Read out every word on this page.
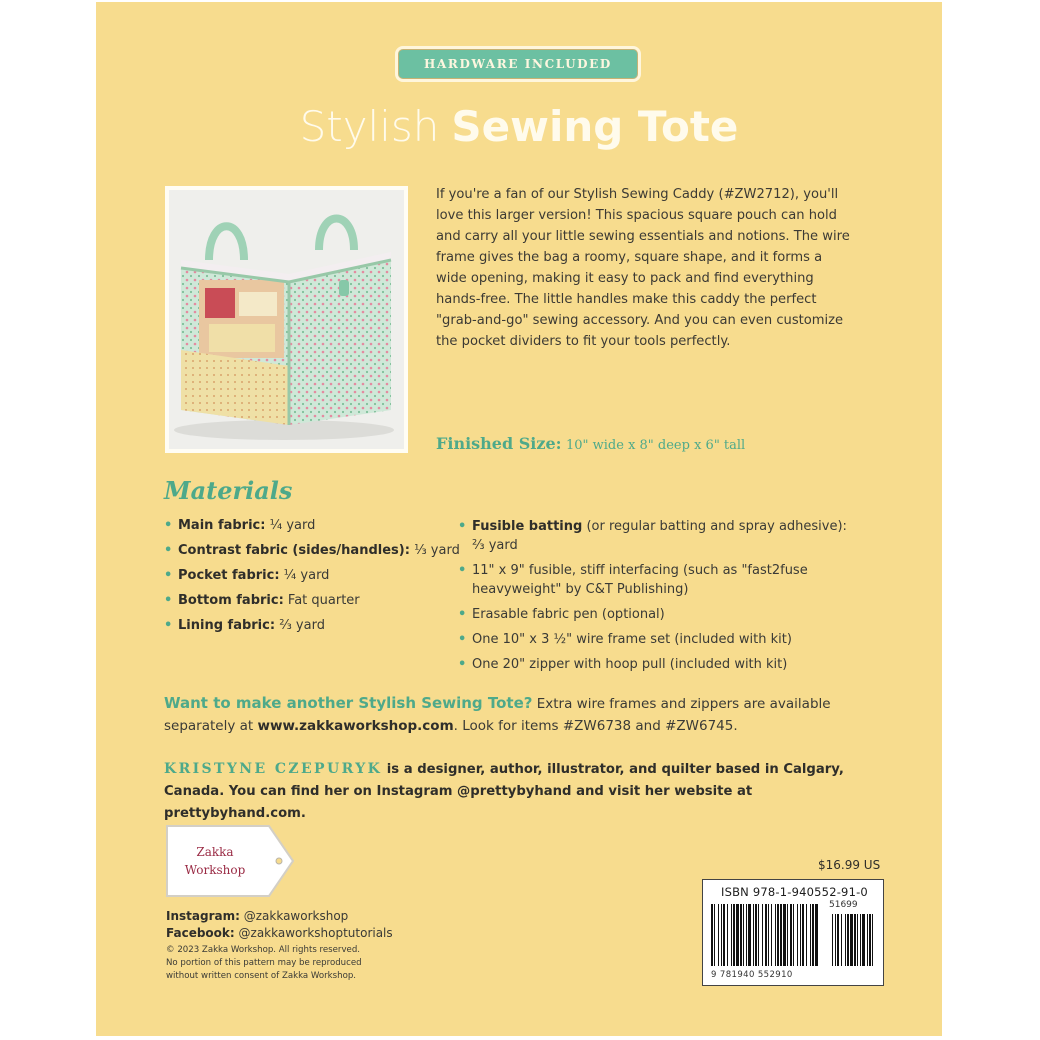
HARDWARE INCLUDED
Stylish Sewing Tote
If you're a fan of our Stylish Sewing Caddy (#ZW2712), you'll love this larger version! This spacious square pouch can hold and carry all your little sewing essentials and notions. The wire frame gives the bag a roomy, square shape, and it forms a wide opening, making it easy to pack and find everything hands-free. The little handles make this caddy the perfect "grab-and-go" sewing accessory. And you can even customize the pocket dividers to fit your tools perfectly.
Finished Size: 10" wide x 8" deep x 6" tall
Materials
• Main fabric: ¼ yard
• Contrast fabric (sides/handles): ⅓ yard
• Pocket fabric: ¼ yard
• Bottom fabric: Fat quarter
• Lining fabric: ⅔ yard
• Fusible batting (or regular batting and spray adhesive): ⅔ yard
• 11" x 9" fusible, stiff interfacing (such as "fast2fuse heavyweight" by C&T Publishing)
• Erasable fabric pen (optional)
• One 10" x 3 ½" wire frame set (included with kit)
• One 20" zipper with hoop pull (included with kit)
Want to make another Stylish Sewing Tote? Extra wire frames and zippers are available separately at www.zakkaworkshop.com. Look for items #ZW6738 and #ZW6745.
KRISTYNE CZEPURYK is a designer, author, illustrator, and quilter based in Calgary, Canada. You can find her on Instagram @prettybyhand and visit her website at prettybyhand.com.
Zakka
Workshop
Instagram: @zakkaworkshop
Facebook: @zakkaworkshoptutorials
© 2023 Zakka Workshop. All rights reserved.
No portion of this pattern may be reproduced
without written consent of Zakka Workshop.
$16.99 US
ISBN 978-1-940552-91-0
51699
9 781940 552910
